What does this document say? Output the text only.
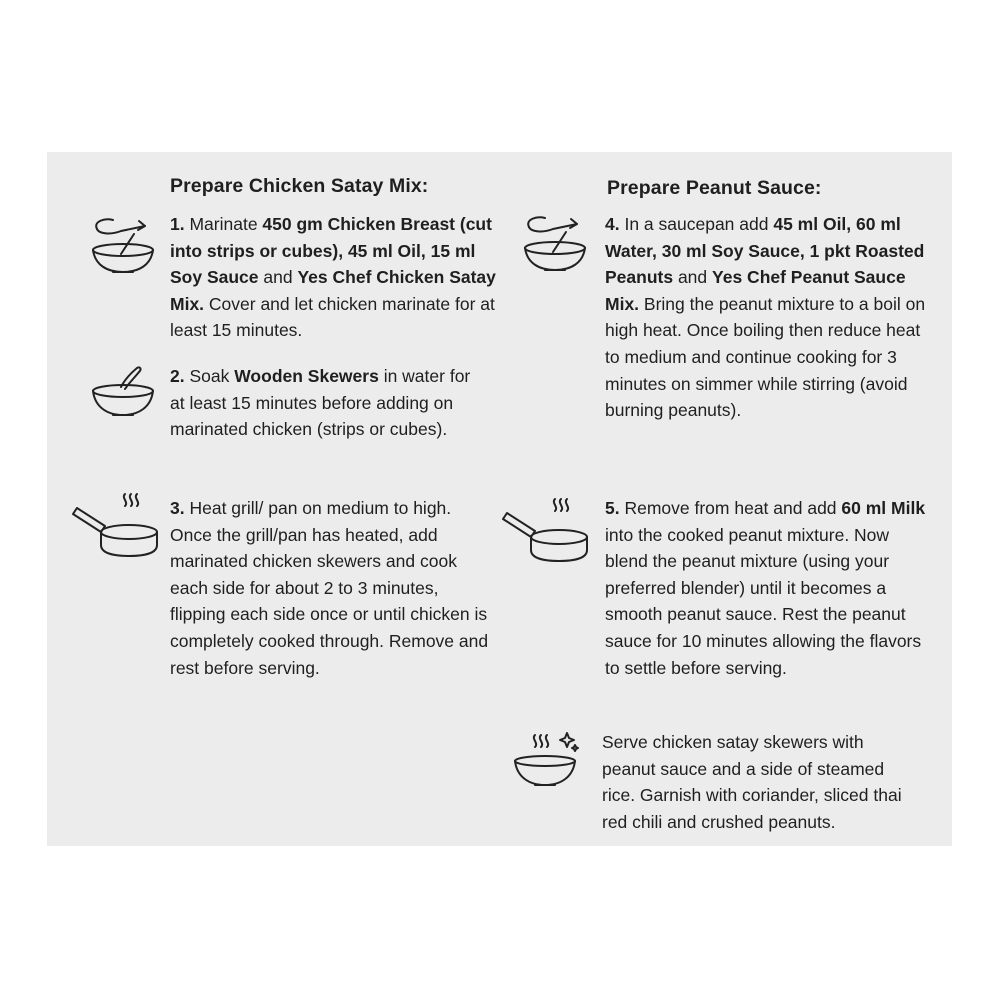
Prepare Chicken Satay Mix:

1. Marinate 450 gm Chicken Breast (cut into strips or cubes), 45 ml Oil, 15 ml Soy Sauce and Yes Chef Chicken Satay Mix. Cover and let chicken marinate for at least 15 minutes.

2. Soak Wooden Skewers in water for at least 15 minutes before adding on marinated chicken (strips or cubes).

3. Heat grill/ pan on medium to high. Once the grill/pan has heated, add marinated chicken skewers and cook each side for about 2 to 3 minutes, flipping each side once or until chicken is completely cooked through. Remove and rest before serving.

Prepare Peanut Sauce:

4. In a saucepan add 45 ml Oil, 60 ml Water, 30 ml Soy Sauce, 1 pkt Roasted Peanuts and Yes Chef Peanut Sauce Mix. Bring the peanut mixture to a boil on high heat. Once boiling then reduce heat to medium and continue cooking for 3 minutes on simmer while stirring (avoid burning peanuts).

5. Remove from heat and add 60 ml Milk into the cooked peanut mixture. Now blend the peanut mixture (using your preferred blender) until it becomes a smooth peanut sauce. Rest the peanut sauce for 10 minutes allowing the flavors to settle before serving.

Serve chicken satay skewers with peanut sauce and a side of steamed rice. Garnish with coriander, sliced thai red chili and crushed peanuts.
